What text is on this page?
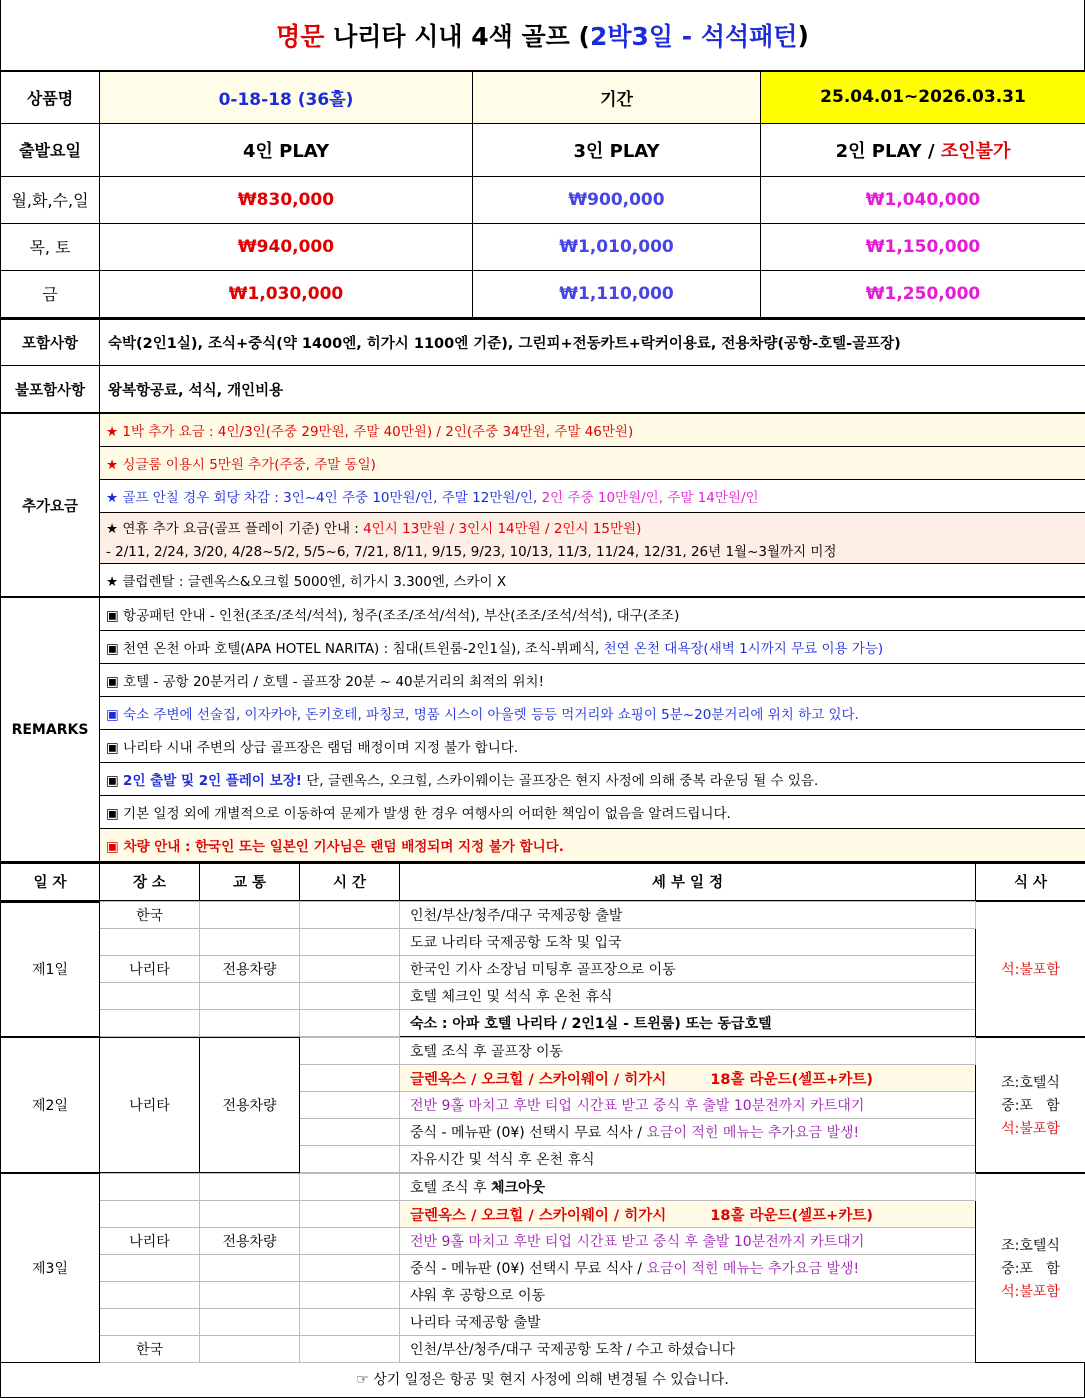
명문
나리타 시내 4색 골프 ( 2박3일 - 석석패턴 )
상품명	0-18-18 (36홀)	기간	25.04.01~2026.03.31
출발요일	4인 PLAY	3인 PLAY	2인 PLAY / 조인불가
월,화,수,일	₩830,000	₩900,000	₩1,040,000
목, 토	₩940,000	₩1,010,000	₩1,150,000
금	₩1,030,000	₩1,110,000	₩1,250,000
포함사항	숙박(2인1실), 조식+중식(약 1400엔, 히가시 1100엔 기준), 그린피+전동카트+락커이용료, 전용차량(공항-호텔-골프장)
불포함사항	왕복항공료, 석식, 개인비용
추가요금	★ 1박 추가 요금 : 4인/3인(주중 29만원, 주말 40만원) / 2인(주중 34만원, 주말 46만원)
★ 싱글룸 이용시 5만원 추가(주중, 주말 동일)
★ 골프 안칠 경우 회당 차감 : 3인~4인 주중 10만원/인, 주말 12만원/인, 2인 주중 10만원/인, 주말 14만원/인

★ 연휴 추가 요금(골프 플레이 기준) 안내 : 4인시 13만원 / 3인시 14만원 / 2인시 15만원)
- 2/11, 2/24, 3/20, 4/28~5/2, 5/5~6, 7/21, 8/11, 9/15, 9/23, 10/13, 11/3, 11/24, 12/31, 26년 1월~3월까지 미정

★ 클럽렌탈 : 글렌옥스&오크힐 5000엔, 히가시 3.300엔, 스카이 X
REMARKS	▣ 항공패턴 안내 - 인천(조조/조석/석석), 청주(조조/조석/석석), 부산(조조/조석/석석), 대구(조조)
▣ 천연 온천 아파 호텔(APA HOTEL NARITA) : 침대(트윈룸-2인1실), 조식-뷔페식, 천연 온천 대욕장(새벽 1시까지 무료 이용 가능)
▣ 호텔 - 공항 20분거리 / 호텔 - 골프장 20분 ~ 40분거리의 최적의 위치!
▣ 숙소 주변에 선술집, 이자카야, 돈키호테, 파칭코, 명품 시스이 아울렛 등등 먹거리와 쇼핑이 5분~20분거리에 위치 하고 있다.
▣ 나리타 시내 주변의 상급 골프장은 램덤 배정이며 지정 불가 합니다.
▣ 2인 출발 및 2인 플레이 보장! 단, 글렌옥스, 오크힐, 스카이웨이는 골프장은 현지 사정에 의해 중복 라운딩 될 수 있음.
▣ 기본 일정 외에 개별적으로 이동하여 문제가 발생 한 경우 여행사의 어떠한 책임이 없음을 알려드립니다.
▣ 차량 안내 : 한국인 또는 일본인 기사님은 랜덤 배정되며 지정 불가 합니다.
일 자	장 소	교 통	시 간	세 부 일 정	식 사
제1일	한국			인천/부산/청주/대구 국제공항 출발	석:불포함
				도쿄 나리타 국제공항 도착 및 입국	
	나리타	전용차량		한국인 기사 소장님 미팅후 골프장으로 이동	
				호텔 체크인 및 석식 후 온천 휴식	
				숙소 : 아파 호텔 나리타 / 2인1실 - 트윈룸) 또는 동급호텔	
제2일	나리타	전용차량		호텔 조식 후 골프장 이동	조:호텔식
중:포   함
석:불포함

				글렌옥스 / 오크힐 / 스카이웨이 / 히가시 18홀 라운드(셀프+카트)	
				전반 9홀 마치고 후반 티업 시간표 받고 중식 후 출발 10분전까지 카트대기	
				중식 - 메뉴판 (0¥) 선택시 무료 식사 / 요금이 적힌 메뉴는 추가요금 발생!	
				자유시간 및 석식 후 온천 휴식	
제3일				호텔 조식 후 체크아웃	조:호텔식
중:포   함
석:불포함

				글렌옥스 / 오크힐 / 스카이웨이 / 히가시 18홀 라운드(셀프+카트)	
	나리타	전용차량		전반 9홀 마치고 후반 티업 시간표 받고 중식 후 출발 10분전까지 카트대기	
				중식 - 메뉴판 (0¥) 선택시 무료 식사 / 요금이 적힌 메뉴는 추가요금 발생!	
				샤워 후 공항으로 이동	
				나리타 국제공항 출발	
	한국			인천/부산/청주/대구 국제공항 도착 / 수고 하셨습니다	
☞ 상기 일정은 항공 및 현지 사정에 의해 변경될 수 있습니다.
